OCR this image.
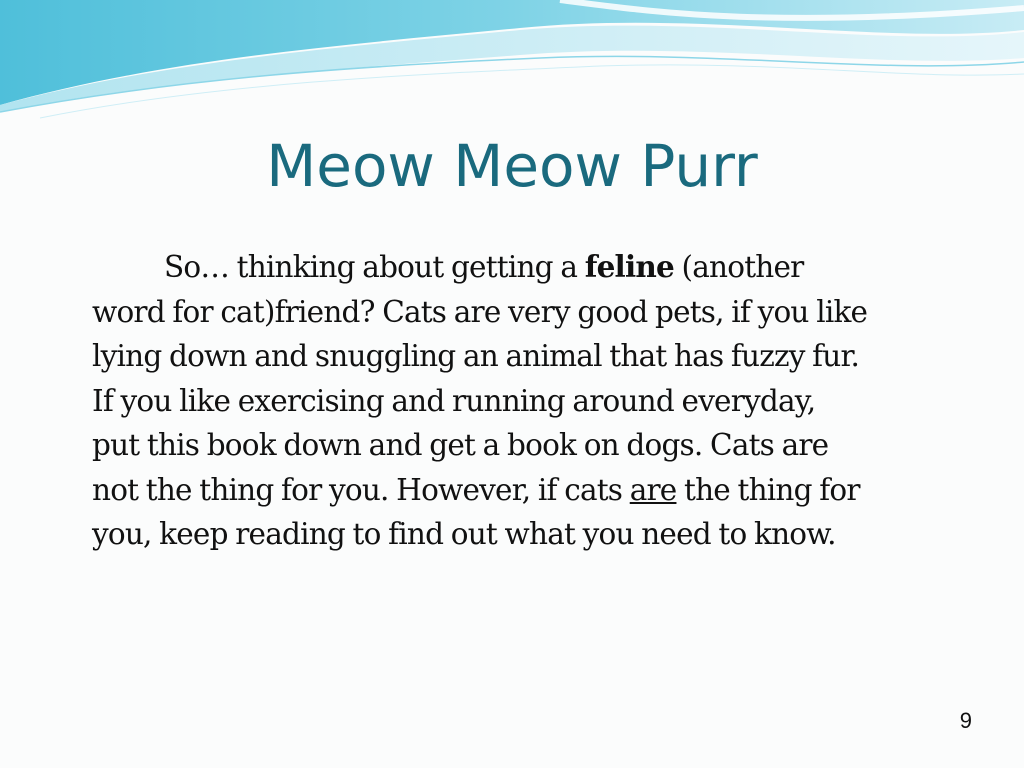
Meow Meow Purr
So… thinking about getting a feline (another
word for cat)friend? Cats are very good pets, if you like
lying down and snuggling an animal that has fuzzy fur.
If you like exercising and running around everyday,
put this book down and get a book on dogs. Cats are
not the thing for you. However, if cats are the thing for
you, keep reading to find out what you need to know.
9
